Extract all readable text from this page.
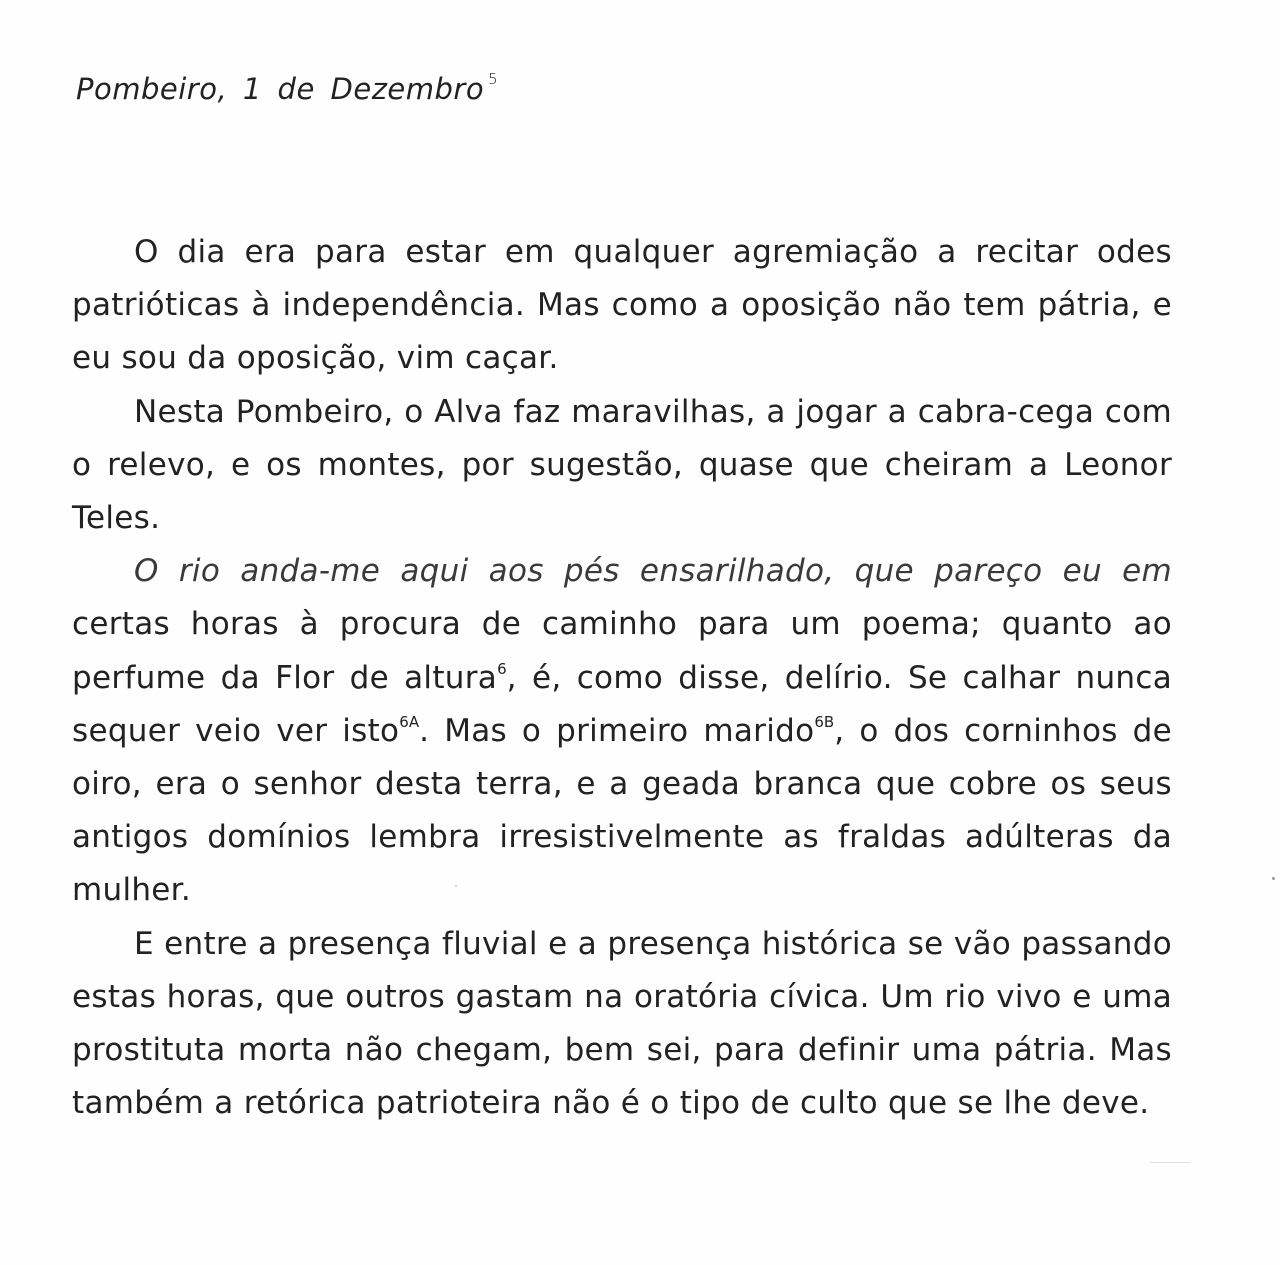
Pombeiro, 1 de Dezembro $^5$

O dia era para estar em qualquer agremiação a recitar odes patrióticas à independência. Mas como a oposição não tem pátria, e eu sou da oposição, vim caçar.

Nesta Pombeiro, o Alva faz maravilhas, a jogar a cabra-cega com o relevo, e os montes, por sugestão, quase que cheiram a Leonor Teles.

O rio anda-me aqui aos pés ensarilhado, que pareço eu em certas horas à procura de caminho para um poema; quanto ao perfume da Flor de altura$^6$, é, como disse, delírio. Se calhar nunca sequer veio ver isto$^{6A}$. Mas o primeiro marido$^{6B}$, o dos corninhos de oiro, era o senhor desta terra, e a geada branca que cobre os seus antigos domínios lembra irresistivelmente as fraldas adúlteras da mulher.

E entre a presença fluvial e a presença histórica se vão passando estas horas, que outros gastam na oratória cívica. Um rio vivo e uma prostituta morta não chegam, bem sei, para definir uma pátria. Mas também a retórica patrioteira não é o tipo de culto que se lhe deve.
